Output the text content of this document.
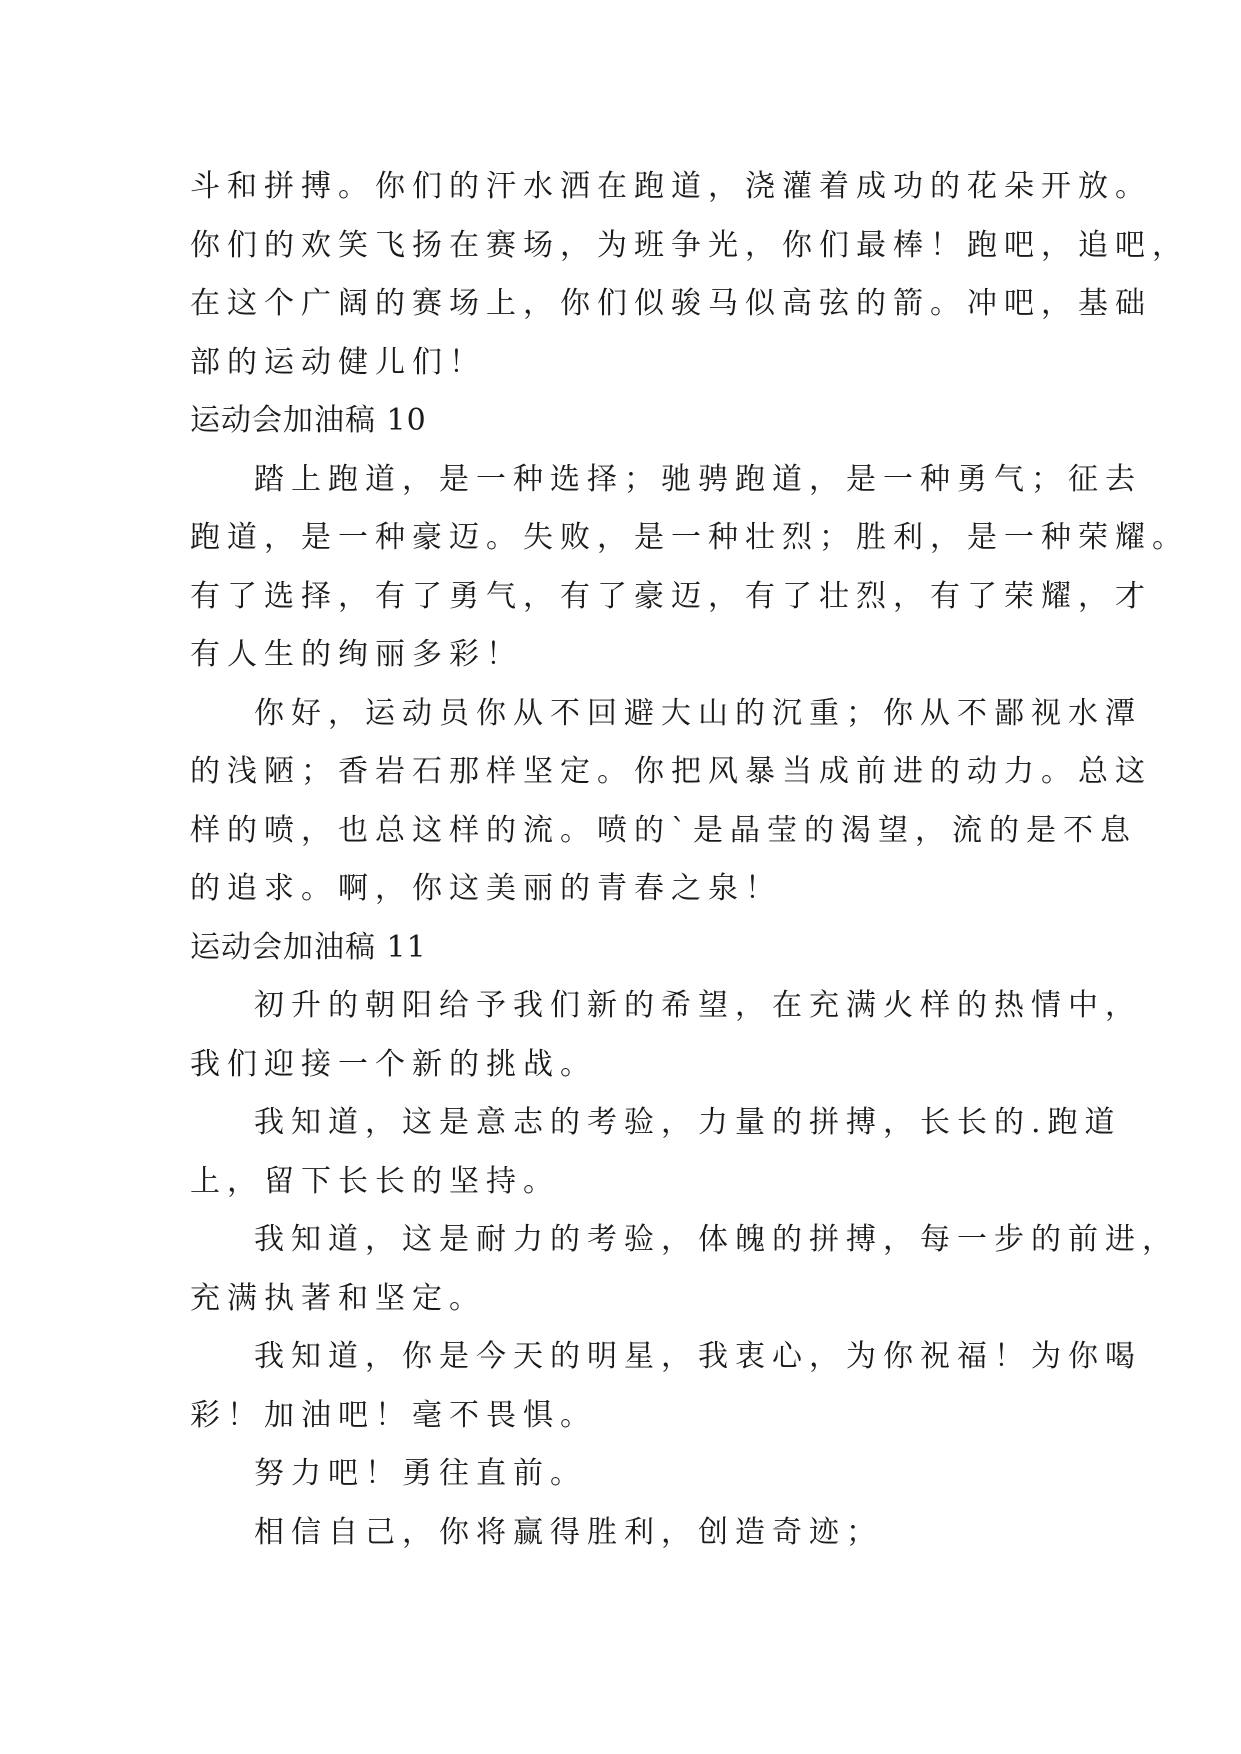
斗和拼搏。你们的汗水洒在跑道，浇灌着成功的花朵开放。

你们的欢笑飞扬在赛场，为班争光，你们最棒！跑吧，追吧，

在这个广阔的赛场上，你们似骏马似高弦的箭。冲吧，基础

部的运动健儿们！

运动会加油稿 10

踏上跑道，是一种选择；驰骋跑道，是一种勇气；征去

跑道，是一种豪迈。失败，是一种壮烈；胜利，是一种荣耀。

有了选择，有了勇气，有了豪迈，有了壮烈，有了荣耀，才

有人生的绚丽多彩！

你好，运动员你从不回避大山的沉重；你从不鄙视水潭

的浅陋；香岩石那样坚定。你把风暴当成前进的动力。总这

样的喷，也总这样的流。喷的`是晶莹的渴望，流的是不息

的追求。啊，你这美丽的青春之泉！

运动会加油稿 11

初升的朝阳给予我们新的希望，在充满火样的热情中，

我们迎接一个新的挑战。

我知道，这是意志的考验，力量的拼搏，长长的.跑道

上，留下长长的坚持。

我知道，这是耐力的考验，体魄的拼搏，每一步的前进，

充满执著和坚定。

我知道，你是今天的明星，我衷心，为你祝福！为你喝

彩！加油吧！毫不畏惧。

努力吧！勇往直前。

相信自己，你将赢得胜利，创造奇迹；
